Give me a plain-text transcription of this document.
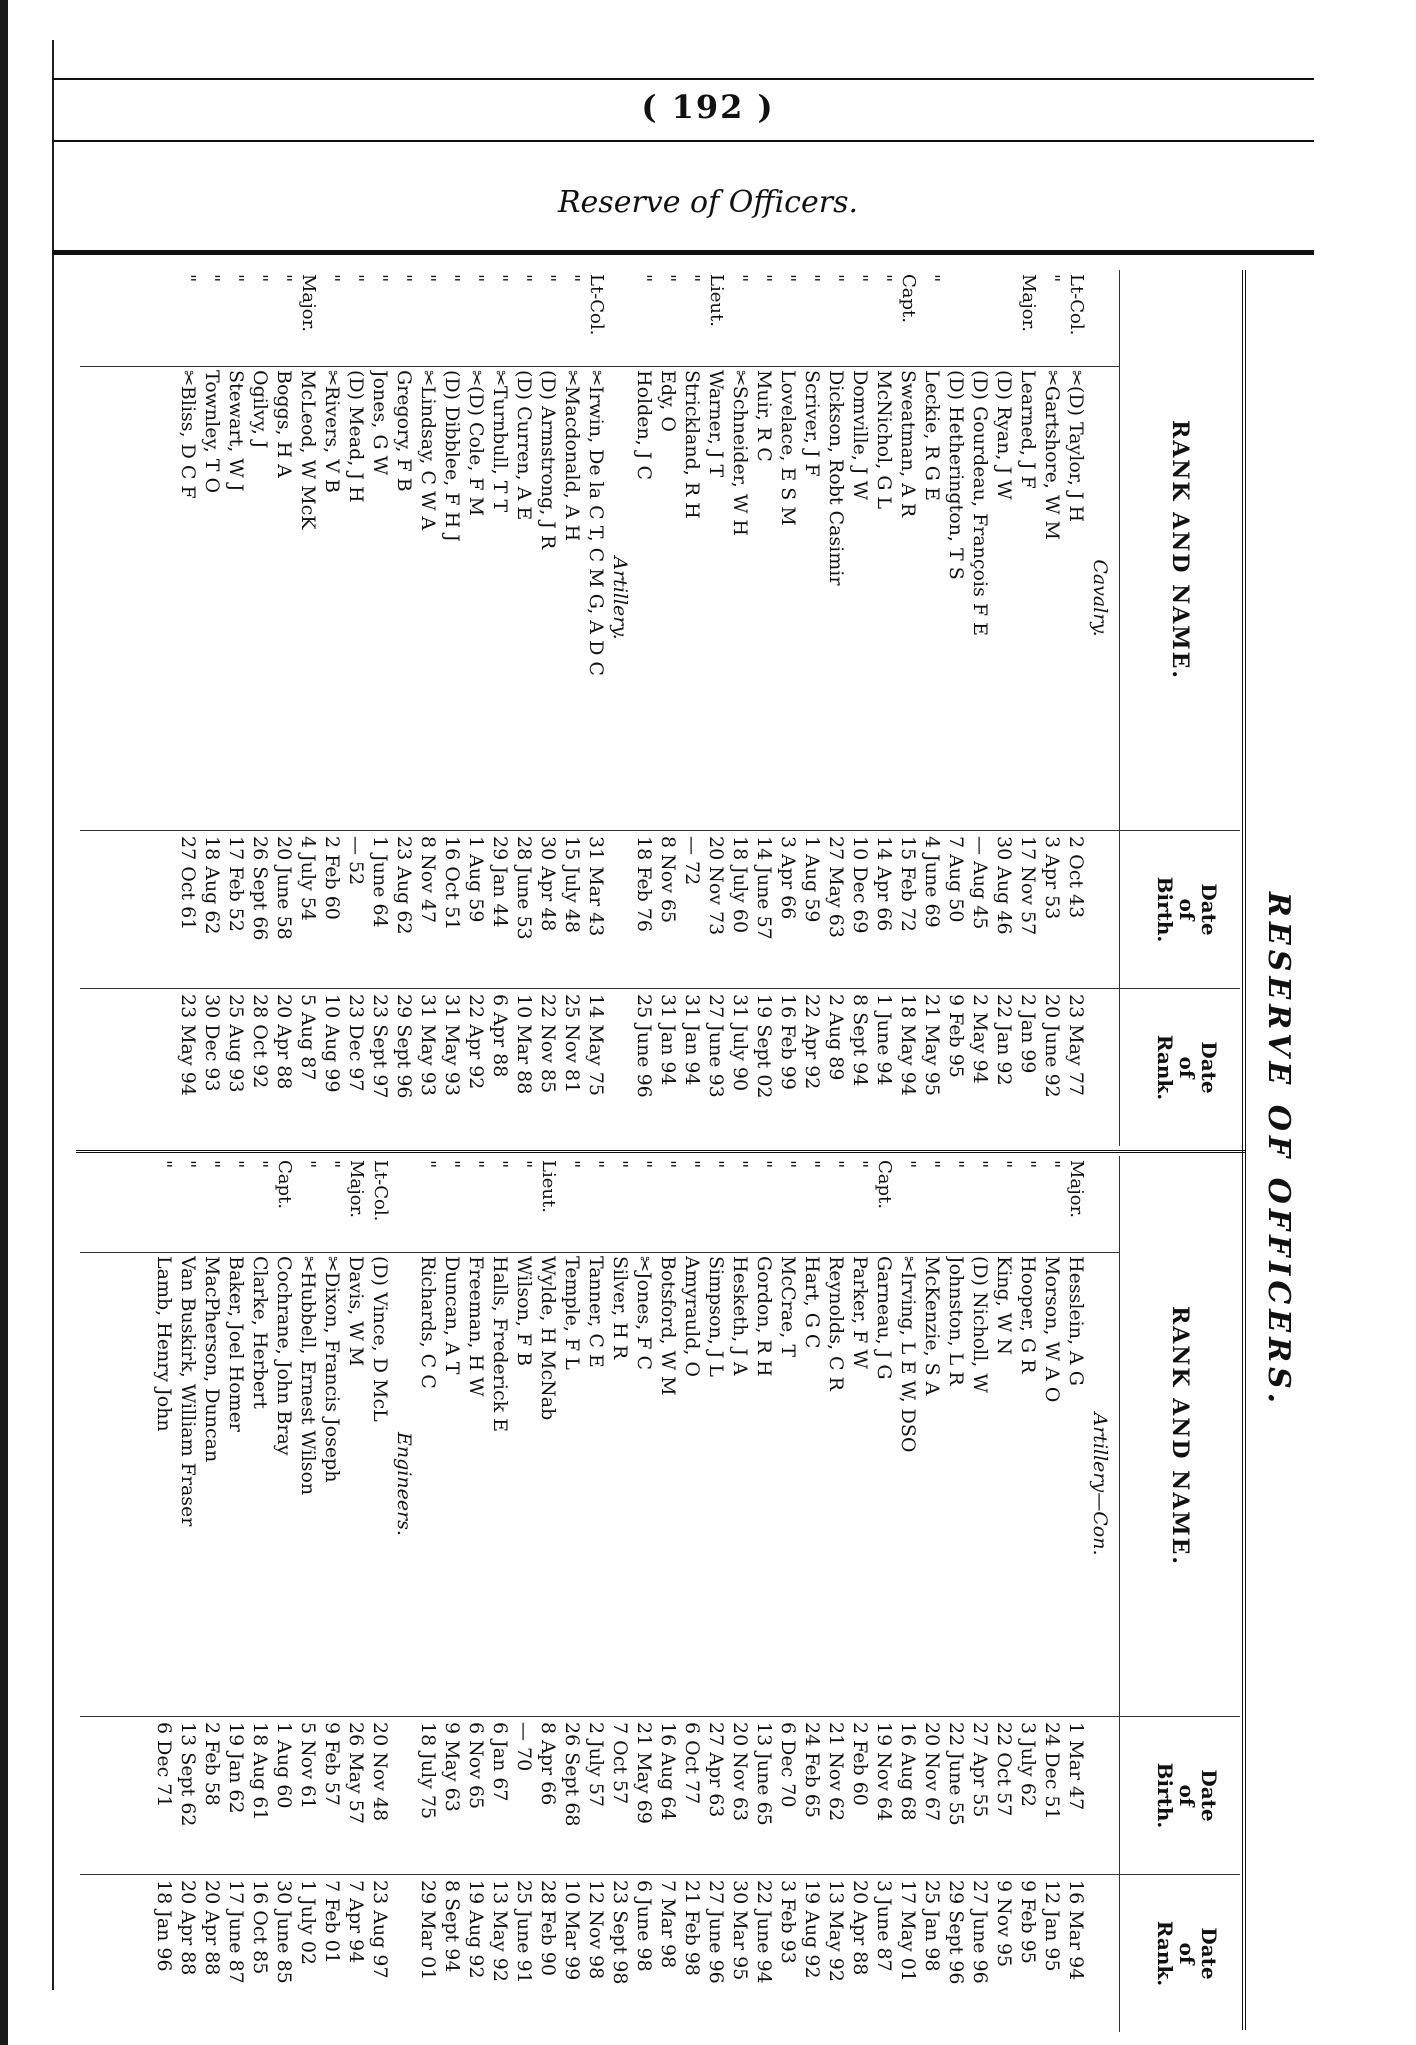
( 192 )
Reserve of Officers.
RESERVE OF OFFICERS.
RANK AND NAME.
Date
of
Birth.
Date
of
Rank.
Cavalry.
Lt-Col.
✂(D) Taylor, J H
2 Oct 43
23 May 77
"
✂Gartshore, W M
3 Apr 53
20 June 92
Major.
Learned, J F
17 Nov 57
2 Jan 99
(D) Ryan, J W
30 Aug 46
22 Jan 92
(D) Gourdeau, François F E
— Aug 45
2 May 94
(D) Hetherington, T S
7 Aug 50
9 Feb 95
"
Leckie, R G E
4 June 69
21 May 95
Capt.
Sweatman, A R
15 Feb 72
18 May 94
"
McNichol, G L
14 Apr 66
1 June 94
"
Domville, J W
10 Dec 69
8 Sept 94
"
Dickson, Robt Casimir
27 May 63
2 Aug 89
"
Scriver, J F
1 Aug 59
22 Apr 92
"
Lovelace, E S M
3 Apr 66
16 Feb 99
"
Muir, R C
14 June 57
19 Sept 02
"
✂Schneider, W H
18 July 60
31 July 90
Lieut.
Warner, J T
20 Nov 73
27 June 93
"
Strickland, R H
— 72
31 Jan 94
"
Edy, O
8 Nov 65
31 Jan 94
"
Holden, J C
18 Feb 76
25 June 96
Artillery.
Lt-Col.
✂Irwin, De la C T, C M G, A D C
31 Mar 43
14 May 75
"
✂Macdonald, A H
15 July 48
25 Nov 81
"
(D) Armstrong, J R
30 Apr 48
22 Nov 85
"
(D) Curren, A E
28 June 53
10 Mar 88
"
✂Turnbull, T T
29 Jan 44
6 Apr 88
"
✂(D) Cole, F M
1 Aug 59
22 Apr 92
"
(D) Dibblee, F H J
16 Oct 51
31 May 93
"
✂Lindsay, C W A
8 Nov 47
31 May 93
"
Gregory, F B
23 Aug 62
29 Sept 96
"
Jones, G W
1 June 64
23 Sept 97
"
(D) Mead, J H
— 52
23 Dec 97
"
✂Rivers, V B
2 Feb 60
10 Aug 99
Major.
McLeod, W McK
4 July 54
5 Aug 87
"
Boggs, H A
20 June 58
20 Apr 88
"
Ogilvy, J
26 Sept 66
28 Oct 92
"
Stewart, W J
17 Feb 52
25 Aug 93
"
Townley, T O
18 Aug 62
30 Dec 93
"
✂Bliss, D C F
27 Oct 61
23 May 94
RANK AND NAME.
Date
of
Birth.
Date
of
Rank.
Artillery—Con.
Major.
Hesslein, A G
1 Mar 47
16 Mar 94
"
Morson, W A O
24 Dec 51
12 Jan 95
"
Hooper, G R
3 July 62
9 Feb 95
"
King, W N
22 Oct 57
9 Nov 95
"
(D) Nicholl, W
27 Apr 55
27 June 96
"
Johnston, L R
22 June 55
29 Sept 96
"
McKenzie, S A
20 Nov 67
25 Jan 98
"
✂Irving, L E W, DSO
16 Aug 68
17 May 01
Capt.
Garneau, J G
19 Nov 64
3 June 87
"
Parker, F W
2 Feb 60
20 Apr 88
"
Reynolds, C R
21 Nov 62
13 May 92
"
Hart, G C
24 Feb 65
19 Aug 92
"
McCrae, T
6 Dec 70
3 Feb 93
"
Gordon, R H
13 June 65
22 June 94
"
Hesketh, J A
20 Nov 63
30 Mar 95
"
Simpson, J L
27 Apr 63
27 June 96
"
Amyrauld, O
6 Oct 77
21 Feb 98
"
Botsford, W M
16 Aug 64
7 Mar 98
"
✂Jones, F C
21 May 69
6 June 98
"
Silver, H R
7 Oct 57
23 Sept 98
"
Tanner, C E
2 July 57
12 Nov 98
"
Temple, F L
26 Sept 68
10 Mar 99
Lieut.
Wylde, H McNab
8 Apr 66
28 Feb 90
"
Wilson, F B
— 70
25 June 91
"
Halls, Frederick E
6 Jan 67
13 May 92
"
Freeman, H W
6 Nov 65
19 Aug 92
"
Duncan, A T
9 May 63
8 Sept 94
"
Richards, C C
18 July 75
29 Mar 01
Engineers.
Lt-Col.
(D) Vince, D McL
20 Nov 48
23 Aug 97
Major.
Davis, W M
26 May 57
7 Apr 94
"
✂Dixon, Francis Joseph
9 Feb 57
7 Feb 01
"
✂Hubbell, Ernest Wilson
5 Nov 61
1 July 02
Capt.
Cochrane, John Bray
1 Aug 60
30 June 85
"
Clarke, Herbert
18 Aug 61
16 Oct 85
"
Baker, Joel Homer
19 Jan 62
17 June 87
"
MacPherson, Duncan
2 Feb 58
20 Apr 88
"
Van Buskirk, William Fraser
13 Sept 62
20 Apr 88
"
Lamb, Henry John
6 Dec 71
18 Jan 96
